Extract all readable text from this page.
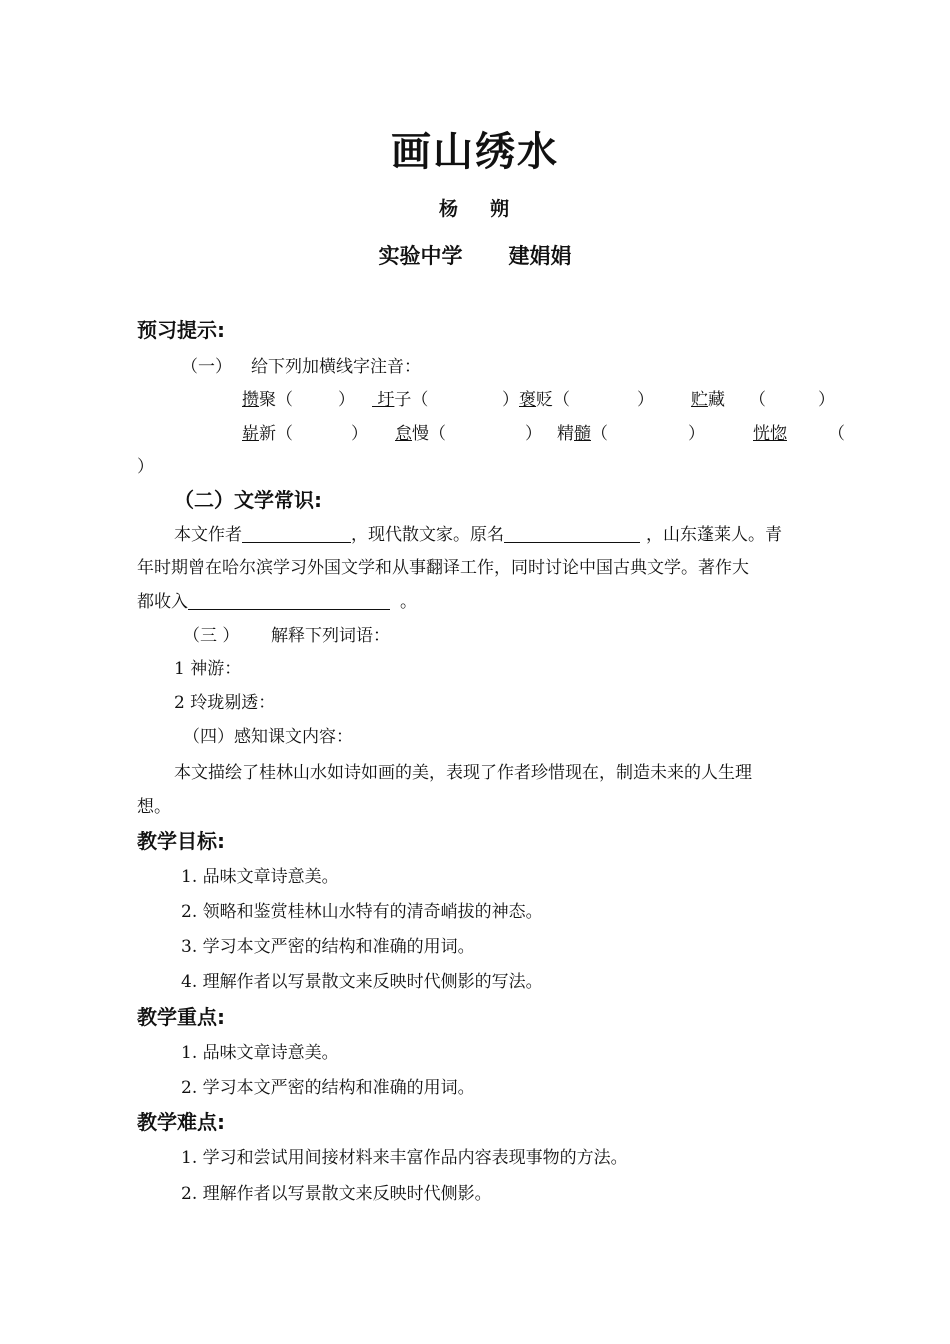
画山绣水
杨 朔
实验中学 建娟娟
预习提示:
（一） 给下列加横线字注音：
攒聚（	） 圩子（	） 褒贬（	） 贮藏 （	）
崭新（	） 怠慢（	） 精髓（	）	恍惚 （
）
（二）文学常识:
本文作者	，现代散文家。原名	，山东蓬莱人。青
年时期曾在哈尔滨学习外国文学和从事翻译工作，同时讨论中国古典文学。著作大
都收入	。
（三 ） 解释下列词语：
1 神游：
2 玲珑剔透：
（四）感知课文内容：
本文描绘了桂林山水如诗如画的美，表现了作者珍惜现在，制造未来的人生理
想。
教学目标:
1. 品味文章诗意美。
2. 领略和鉴赏桂林山水特有的清奇峭拔的神态。
3. 学习本文严密的结构和准确的用词。
4. 理解作者以写景散文来反映时代侧影的写法。
教学重点:
1. 品味文章诗意美。
2. 学习本文严密的结构和准确的用词。
教学难点:
1. 学习和尝试用间接材料来丰富作品内容表现事物的方法。
2. 理解作者以写景散文来反映时代侧影。
